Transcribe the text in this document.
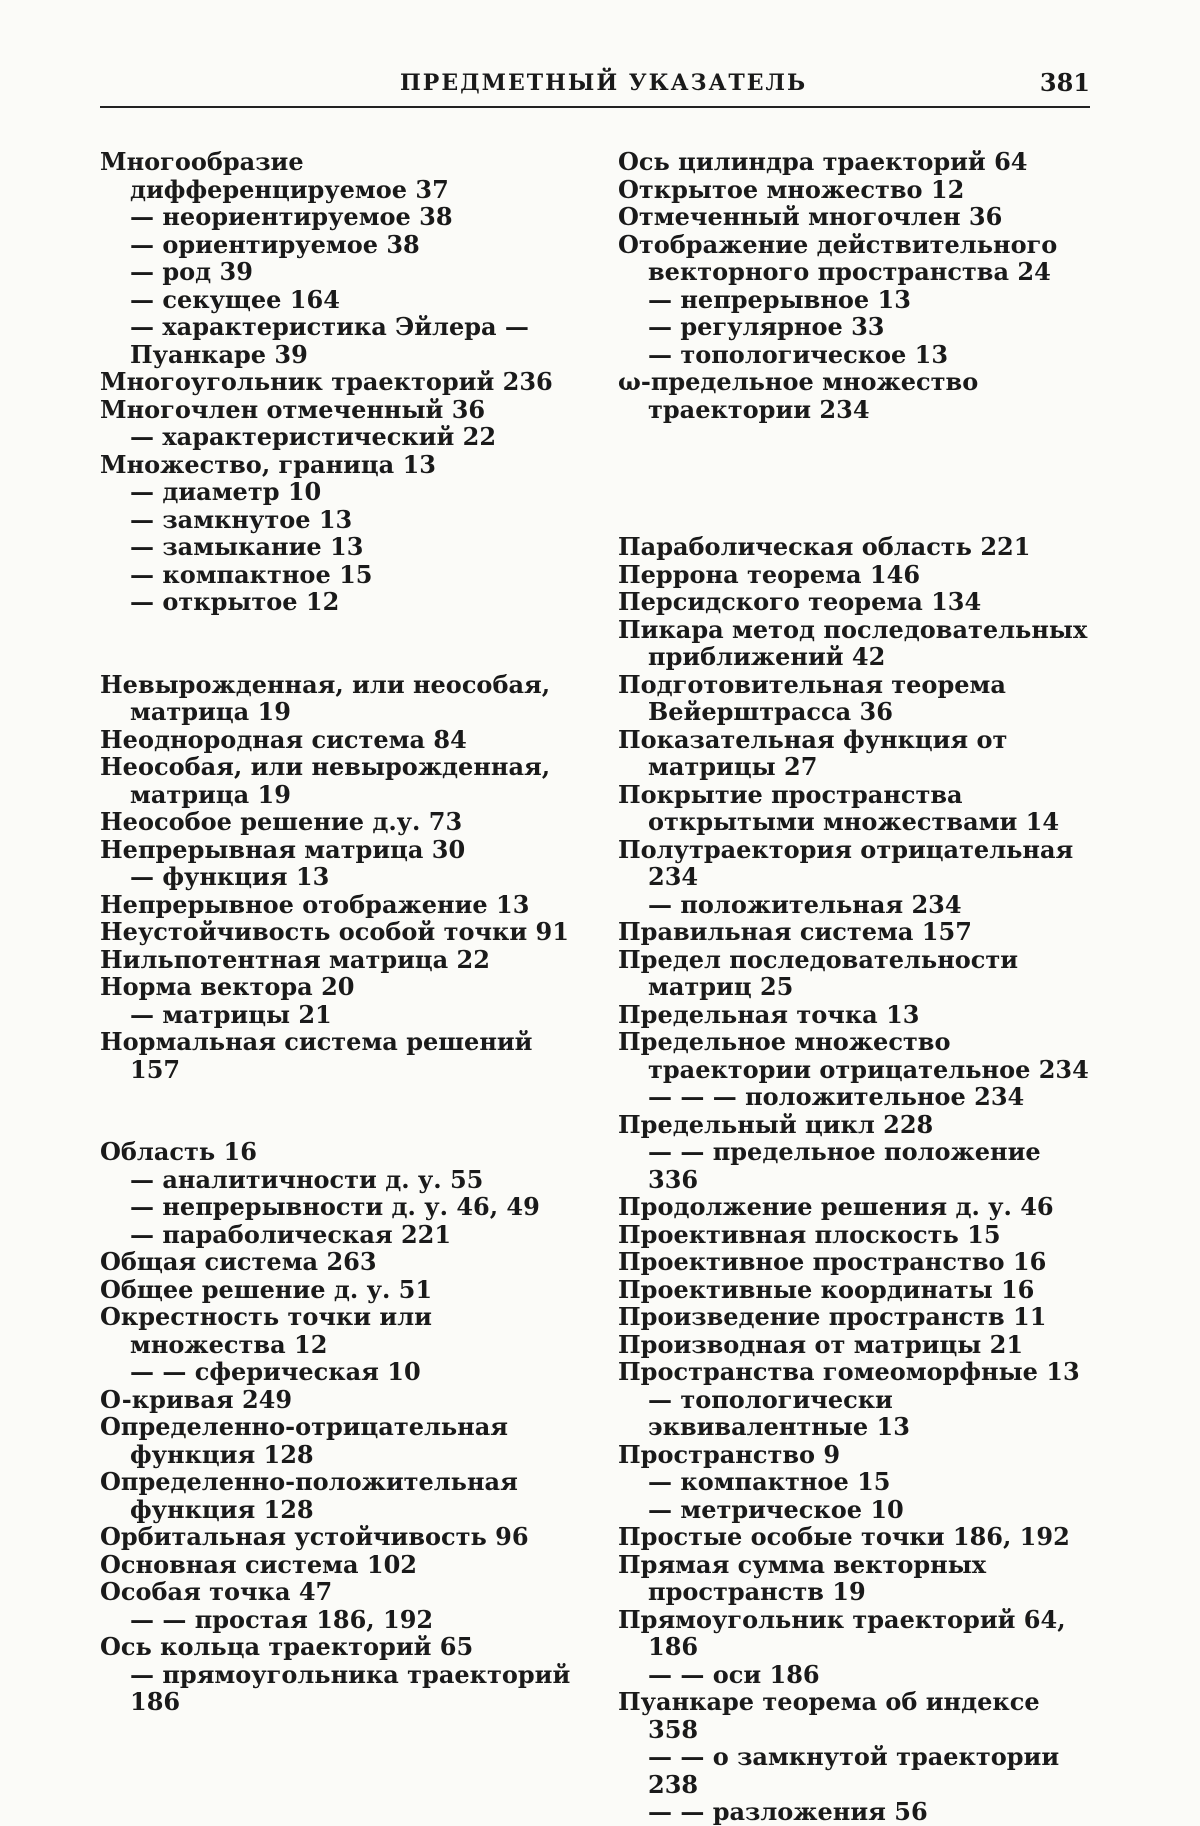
ПРЕДМЕТНЫЙ УКАЗАТЕЛЬ	381
Многообразие дифференцируемое 37
— неориентируемое 38
— ориентируемое 38
— род 39
— секущее 164
— характеристика Эйлера — Пуанкаре 39
Многоугольник траекторий 236
Многочлен отмеченный 36
— характеристический 22
Множество, граница 13
— диаметр 10
— замкнутое 13
— замыкание 13
— компактное 15
— открытое 12
Невырожденная, или неособая, матрица 19
Неоднородная система 84
Неособая, или невырожденная, матрица 19
Неособое решение д.у. 73
Непрерывная матрица 30
— функция 13
Непрерывное отображение 13
Неустойчивость особой точки 91
Нильпотентная матрица 22
Норма вектора 20
— матрицы 21
Нормальная система решений 157
Область 16
— аналитичности д. у. 55
— непрерывности д. у. 46, 49
— параболическая 221
Общая система 263
Общее решение д. у. 51
Окрестность точки или множества 12
— — сферическая 10
O-кривая 249
Определенно-отрицательная функция 128
Определенно-положительная функция 128
Орбитальная устойчивость 96
Основная система 102
Особая точка 47
— — простая 186, 192
Ось кольца траекторий 65
— прямоугольника траекторий 186
Ось цилиндра траекторий 64
Открытое множество 12
Отмеченный многочлен 36
Отображение действительного векторного пространства 24
— непрерывное 13
— регулярное 33
— топологическое 13
ω-предельное множество траектории 234
Параболическая область 221
Перрона теорема 146
Персидского теорема 134
Пикара метод последовательных приближений 42
Подготовительная теорема Вейерштрасса 36
Показательная функция от матрицы 27
Покрытие пространства открытыми множествами 14
Полутраектория отрицательная 234
— положительная 234
Правильная система 157
Предел последовательности матриц 25
Предельная точка 13
Предельное множество траектории отрицательное 234
— — — положительное 234
Предельный цикл 228
— — предельное положение 336
Продолжение решения д. у. 46
Проективная плоскость 15
Проективное пространство 16
Проективные координаты 16
Произведение пространств 11
Производная от матрицы 21
Пространства гомеоморфные 13
— топологически эквивалентные 13
Пространство 9
— компактное 15
— метрическое 10
Простые особые точки 186, 192
Прямая сумма векторных пространств 19
Прямоугольник траекторий 64, 186
— — оси 186
Пуанкаре теорема об индексе 358
— — о замкнутой траектории 238
— — разложения 56
